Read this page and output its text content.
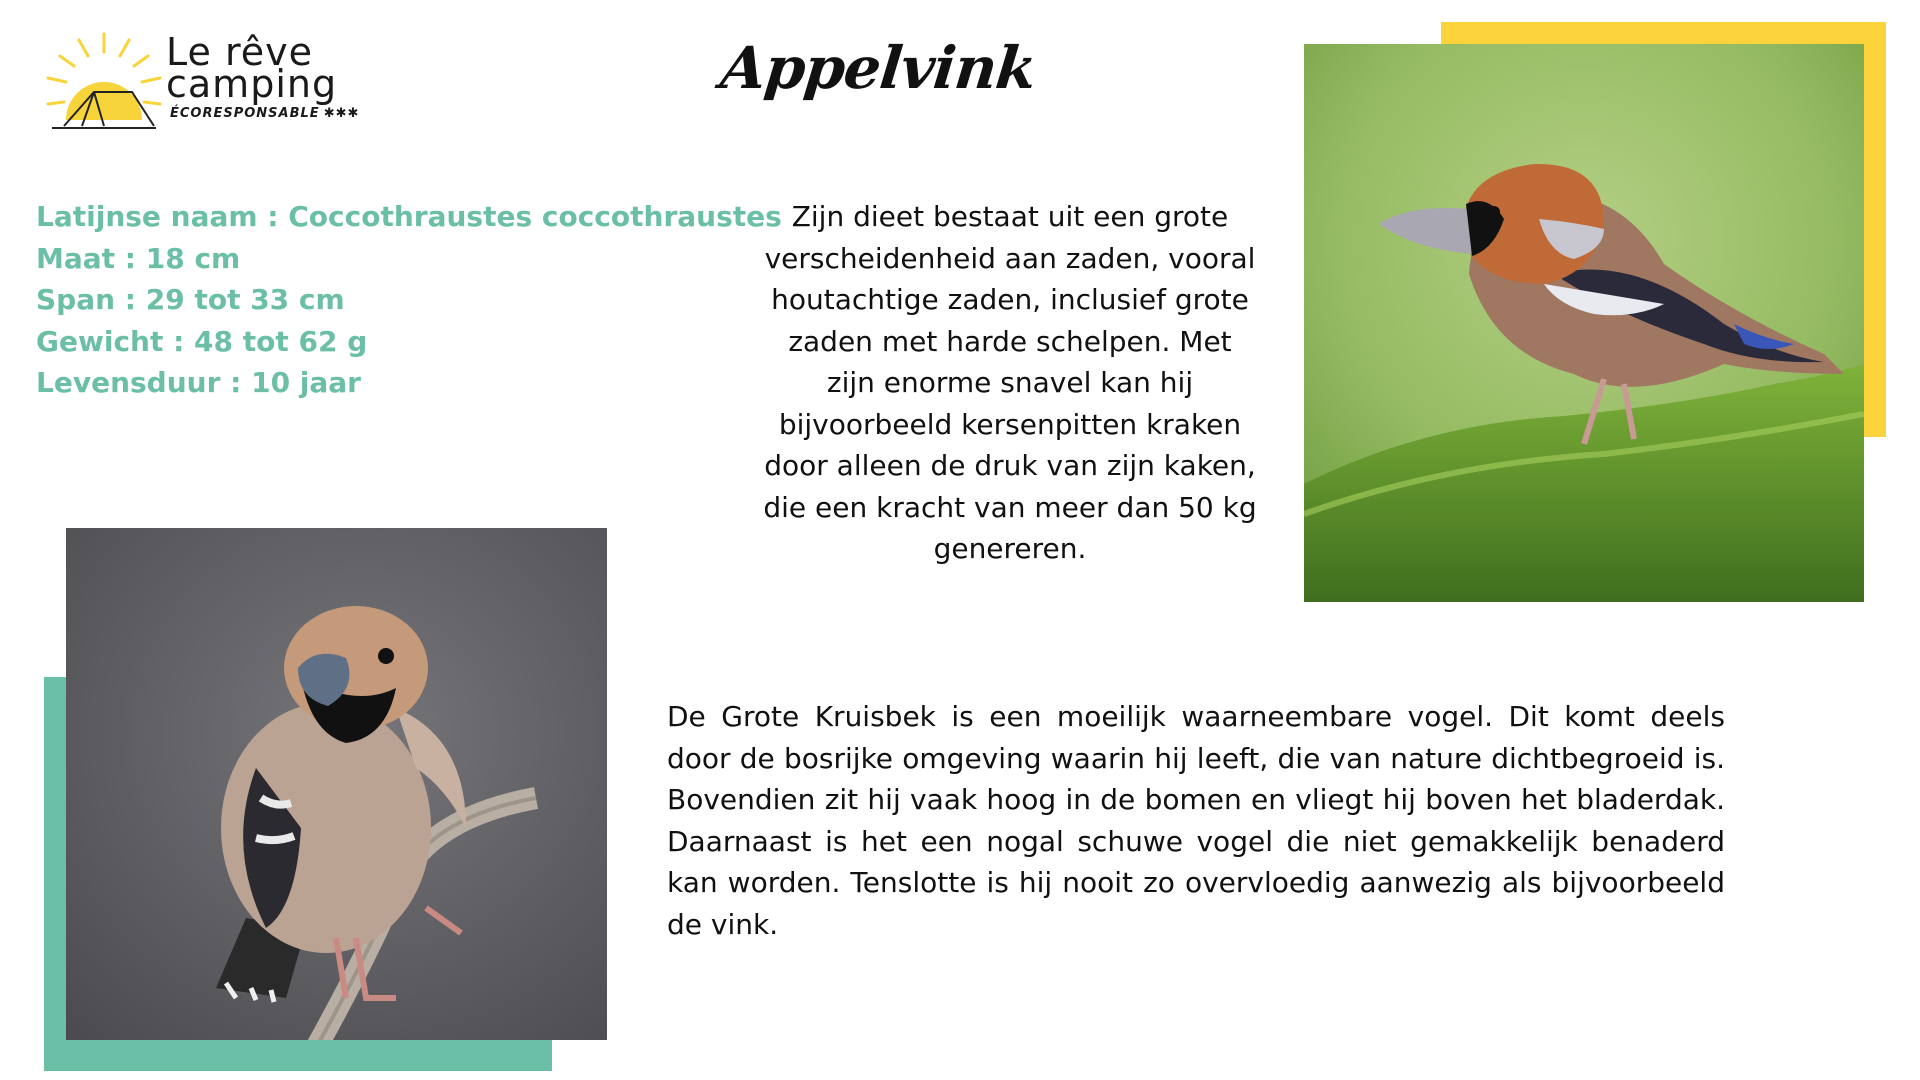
Le rêve
camping
ÉCORESPONSABLE ✱✱✱
Appelvink
Latijnse naam : Coccothraustes coccothraustes
Maat : 18 cm
Span : 29 tot 33 cm
Gewicht : 48 tot 62 g
Levensduur : 10 jaar
Zijn dieet bestaat uit een grote verscheidenheid aan zaden, vooral houtachtige zaden, inclusief grote zaden met harde schelpen. Met zijn enorme snavel kan hij bijvoorbeeld kersenpitten kraken door alleen de druk van zijn kaken, die een kracht van meer dan 50 kg genereren.
De Grote Kruisbek is een moeilijk waarneembare vogel. Dit komt deels door de bosrijke omgeving waarin hij leeft, die van nature dichtbegroeid is. Bovendien zit hij vaak hoog in de bomen en vliegt hij boven het bladerdak. Daarnaast is het een nogal schuwe vogel die niet gemakkelijk benaderd kan worden. Tenslotte is hij nooit zo overvloedig aanwezig als bijvoorbeeld de vink.
